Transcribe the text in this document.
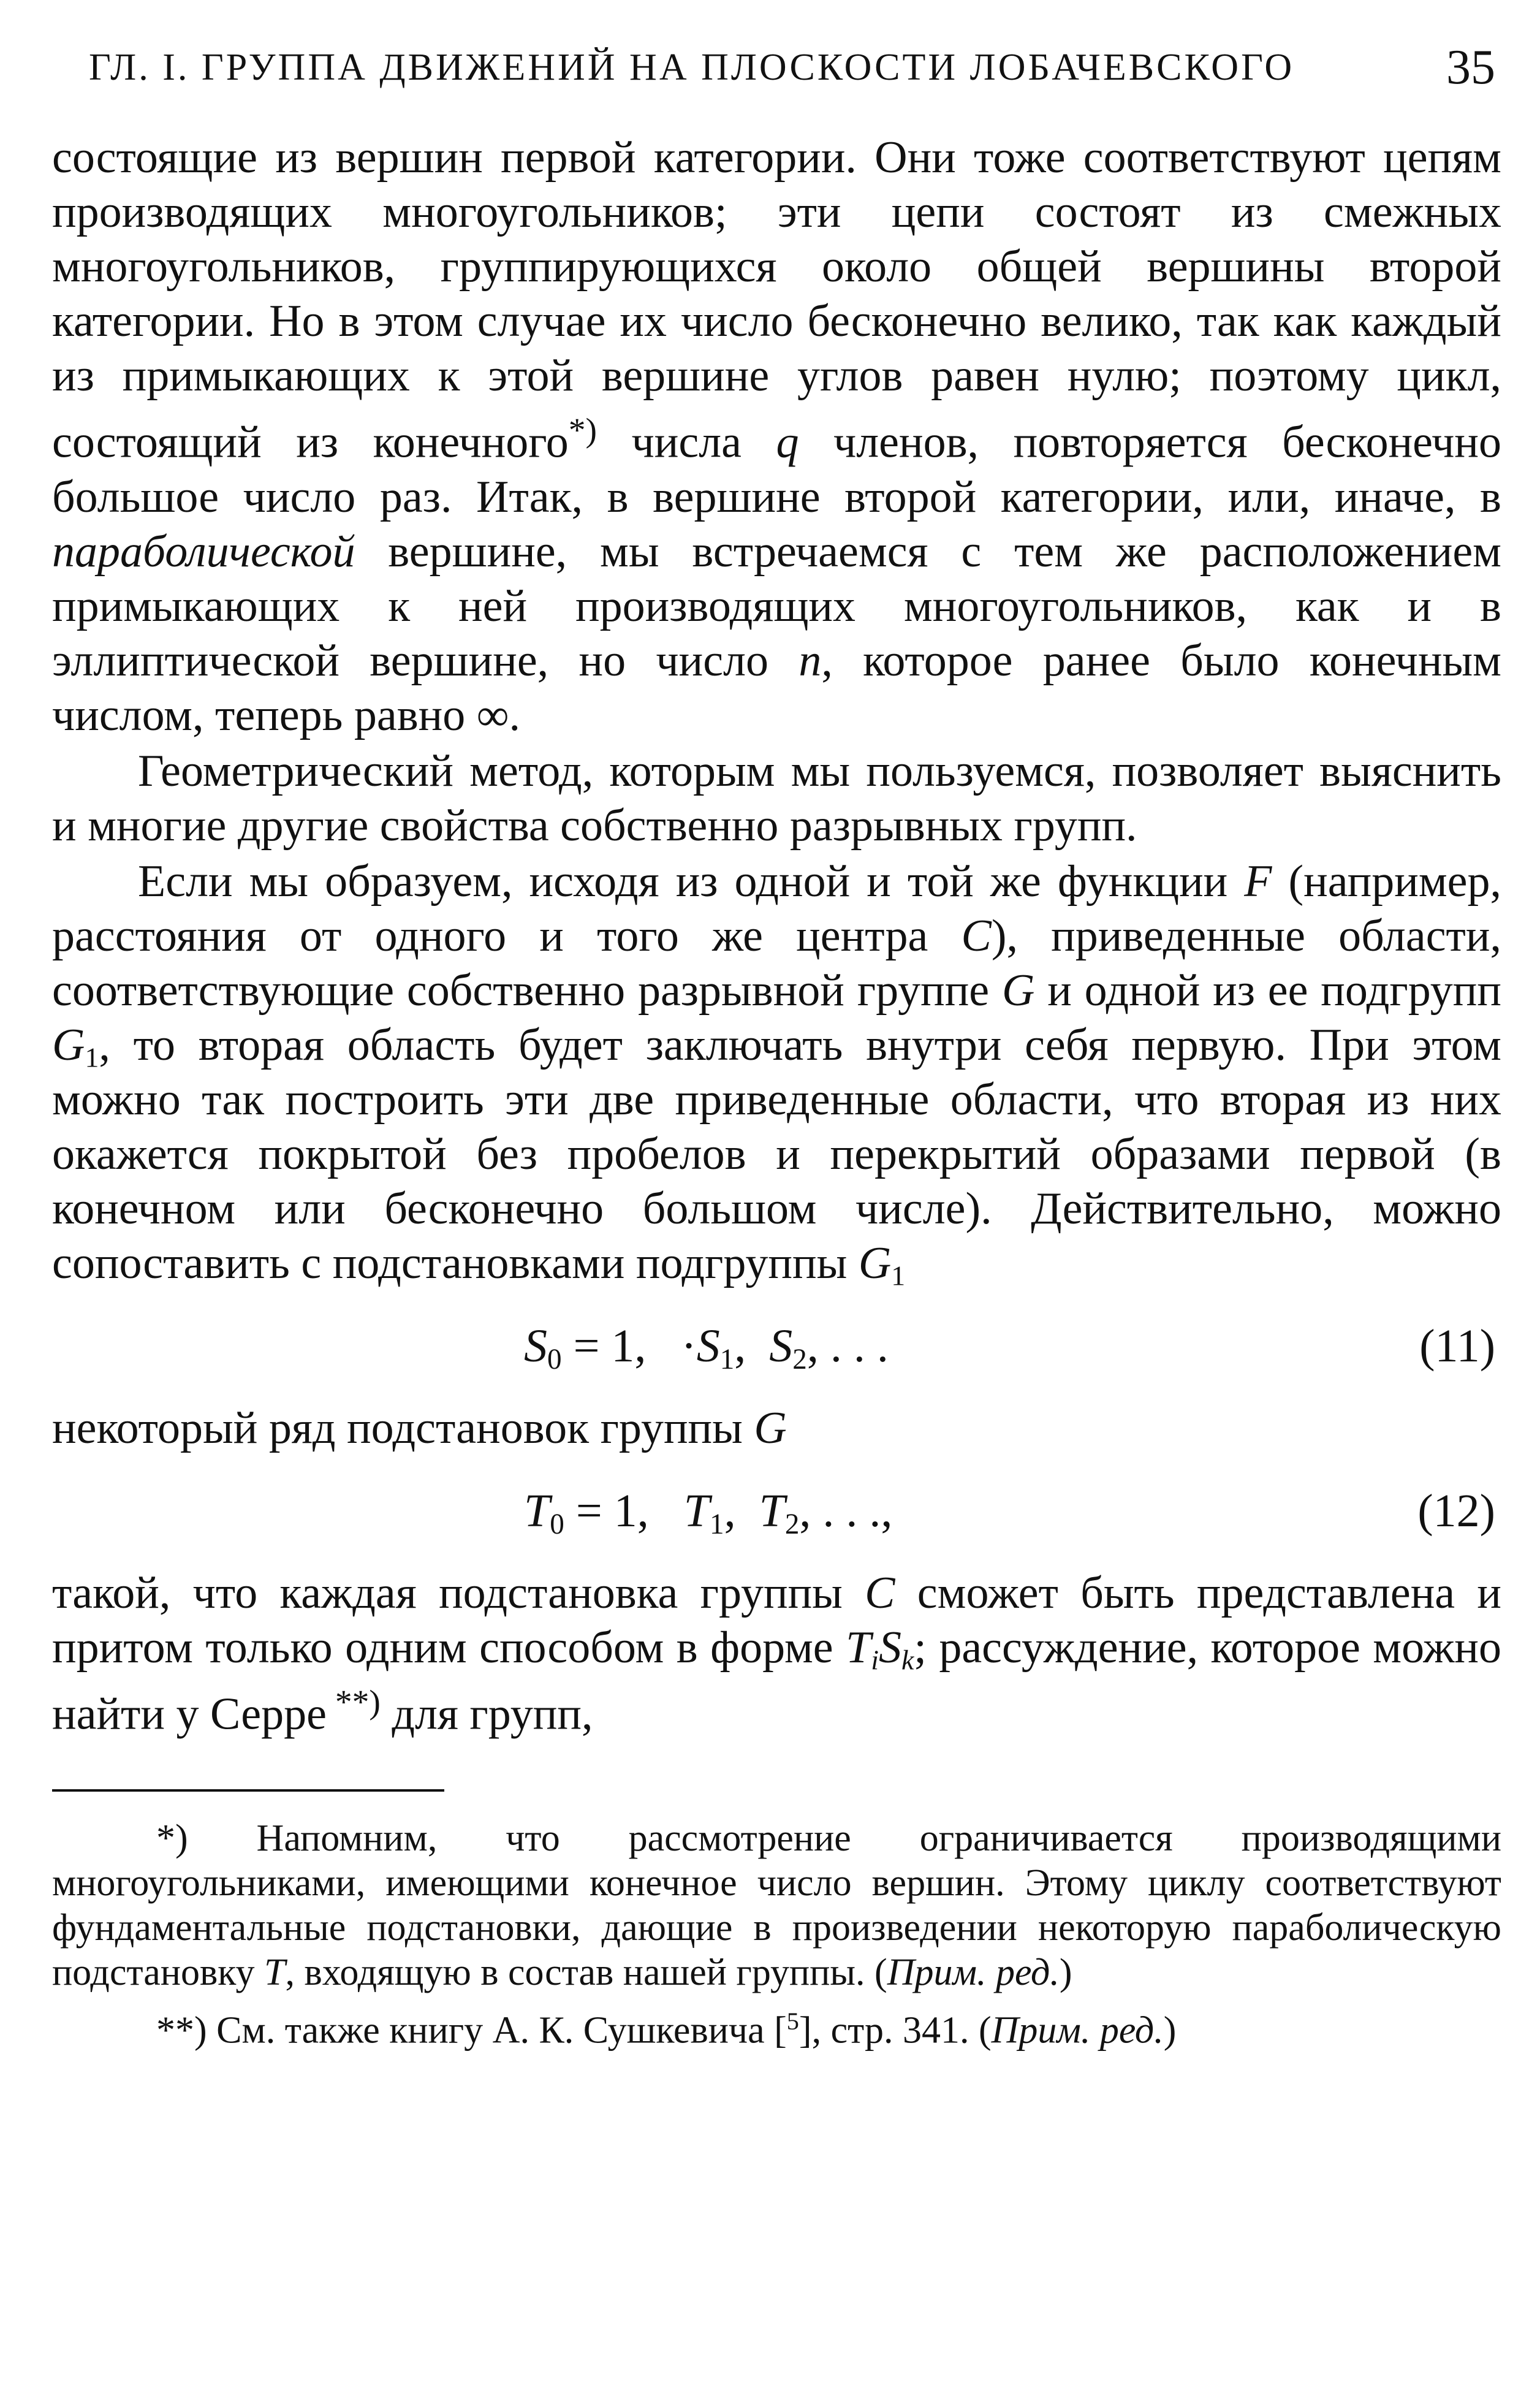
ГЛ. I. ГРУППА ДВИЖЕНИЙ НА ПЛОСКОСТИ ЛОБАЧЕВСКОГО	35

состоящие из вершин первой категории. Они тоже соответствуют цепям производящих многоугольников; эти цепи состоят из смежных многоугольников, группирующихся около общей вершины второй категории. Но в этом случае их число бесконечно велико, так как каждый из примыкающих к этой вершине углов равен нулю; поэтому цикл, состоящий из конечного*) числа q членов, повторяется бесконечно большое число раз. Итак, в вершине второй категории, или, иначе, в параболической вершине, мы встречаемся с тем же расположением примыкающих к ней производящих многоугольников, как и в эллиптической вершине, но число n, которое ранее было конечным числом, теперь равно ∞.

Геометрический метод, которым мы пользуемся, позволяет выяснить и многие другие свойства собственно разрывных групп.

Если мы образуем, исходя из одной и той же функции F (например, расстояния от одного и того же центра C), приведенные области, соответствующие собственно разрывной группе G и одной из ее подгрупп $G_1$, то вторая область будет заключать внутри себя первую. При этом можно так построить эти две приведенные области, что вторая из них окажется покрытой без пробелов и перекрытий образами первой (в конечном или бесконечно большом числе). Действительно, можно сопоставить с подстановками подгруппы $G_1$

$S_0 = 1$,   $\cdot S_1$,  $S_2$, . . .	(11)

некоторый ряд подстановок группы G

$T_0 = 1$,   $T_1$,  $T_2$, . . .,	(12)

такой, что каждая подстановка группы C сможет быть представлена и притом только одним способом в форме $T_iS_k$; рассуждение, которое можно найти у Серре **) для групп,

*) Напомним, что рассмотрение ограничивается производящими многоугольниками, имеющими конечное число вершин. Этому циклу соответствуют фундаментальные подстановки, дающие в произведении некоторую параболическую подстановку T, входящую в состав нашей группы. (Прим. ред.)

**) См. также книгу А. К. Сушкевича [$^5$], стр. 341. (Прим. ред.)
